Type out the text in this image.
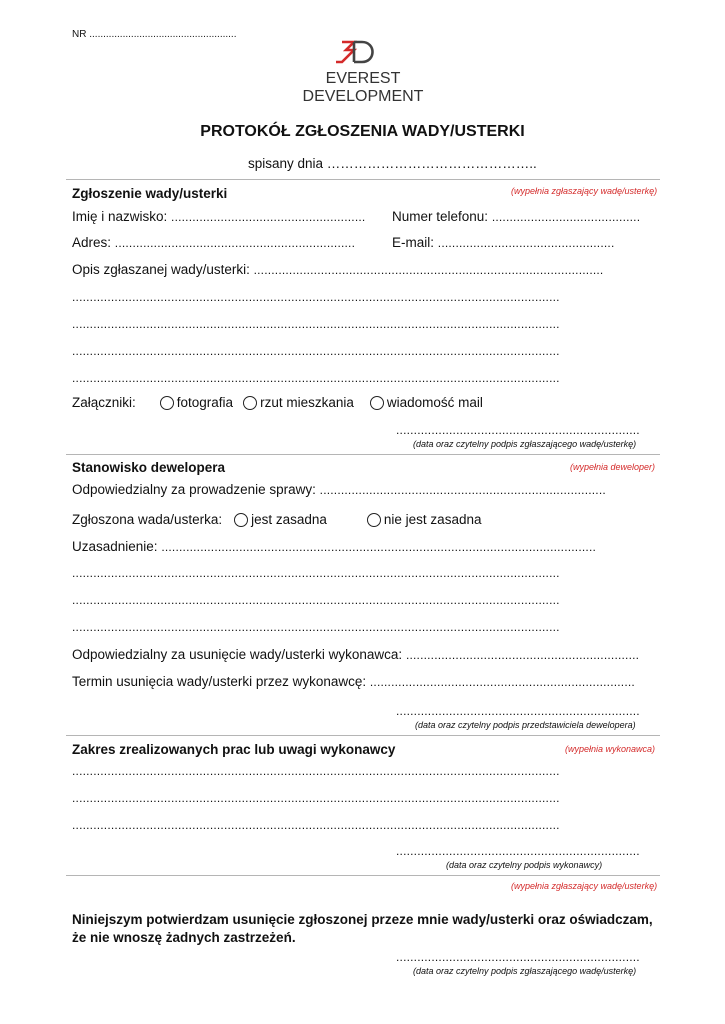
NR .....................................................
EVEREST
DEVELOPMENT
PROTOKÓŁ ZGŁOSZENIA WADY/USTERKI
spisany dnia ………………………………………..
Zgłoszenie wady/usterki	(wypełnia zgłaszający wadę/usterkę)
Imię i nazwisko: ....................................................... Numer telefonu: ..........................................
Adres: ....................................................................	E-mail: ..................................................
Opis zgłaszanej wady/usterki: ...................................................................................................
..........................................................................................................................................
..........................................................................................................................................
..........................................................................................................................................
..........................................................................................................................................
Załączniki:	fotografia rzut mieszkania wiadomość mail
.....................................................................
(data oraz czytelny podpis zgłaszającego wadę/usterkę)
Stanowisko dewelopera	(wypełnia deweloper)
Odpowiedzialny za prowadzenie sprawy: .................................................................................
Zgłoszona wada/usterka: jest zasadna	nie jest zasadna
Uzasadnienie: ...........................................................................................................................
..........................................................................................................................................
..........................................................................................................................................
..........................................................................................................................................
Odpowiedzialny za usunięcie wady/usterki wykonawca: ..................................................................
Termin usunięcia wady/usterki przez wykonawcę: ...........................................................................
.....................................................................
(data oraz czytelny podpis przedstawiciela dewelopera)
Zakres zrealizowanych prac lub uwagi wykonawcy	(wypełnia wykonawca)
..........................................................................................................................................
..........................................................................................................................................
..........................................................................................................................................
.....................................................................
(data oraz czytelny podpis wykonawcy)
(wypełnia zgłaszający wadę/usterkę)
Niniejszym potwierdzam usunięcie zgłoszonej przeze mnie wady/usterki oraz oświadczam,
że nie wnoszę żadnych zastrzeżeń.
.....................................................................
(data oraz czytelny podpis zgłaszającego wadę/usterkę)
